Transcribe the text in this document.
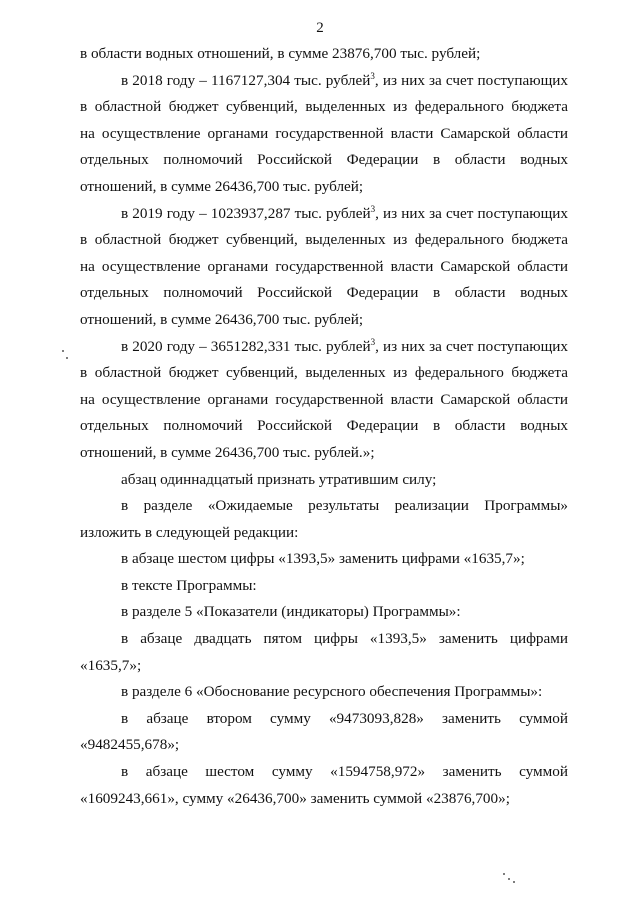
2

в области водных отношений, в сумме 23876,700 тыс. рублей;

в 2018 году – 1167127,304 тыс. рублей$^3$, из них за счет поступающих

в областной бюджет субвенций, выделенных из федерального бюджета
на осуществление органами государственной власти Самарской области
отдельных полномочий Российской Федерации в области водных
отношений, в сумме 26436,700 тыс. рублей;

в 2019 году – 1023937,287 тыс. рублей$^3$, из них за счет поступающих

в областной бюджет субвенций, выделенных из федерального бюджета
на осуществление органами государственной власти Самарской области
отдельных полномочий Российской Федерации в области водных
отношений, в сумме 26436,700 тыс. рублей;

в 2020 году – 3651282,331 тыс. рублей$^3$, из них за счет поступающих

в областной бюджет субвенций, выделенных из федерального бюджета
на осуществление органами государственной власти Самарской области
отдельных полномочий Российской Федерации в области водных
отношений, в сумме 26436,700 тыс. рублей.»;

абзац одиннадцатый признать утратившим силу;

в разделе «Ожидаемые результаты реализации Программы»

изложить в следующей редакции:

в абзаце шестом цифры «1393,5» заменить цифрами «1635,7»;

в тексте Программы:

в разделе 5 «Показатели (индикаторы) Программы»:

в абзаце двадцать пятом цифры «1393,5» заменить цифрами

«1635,7»;

в разделе 6 «Обоснование ресурсного обеспечения Программы»:

в абзаце втором сумму «9473093,828» заменить суммой

«9482455,678»;

в абзаце шестом сумму «1594758,972» заменить суммой

«1609243,661», сумму «26436,700» заменить суммой «23876,700»;
